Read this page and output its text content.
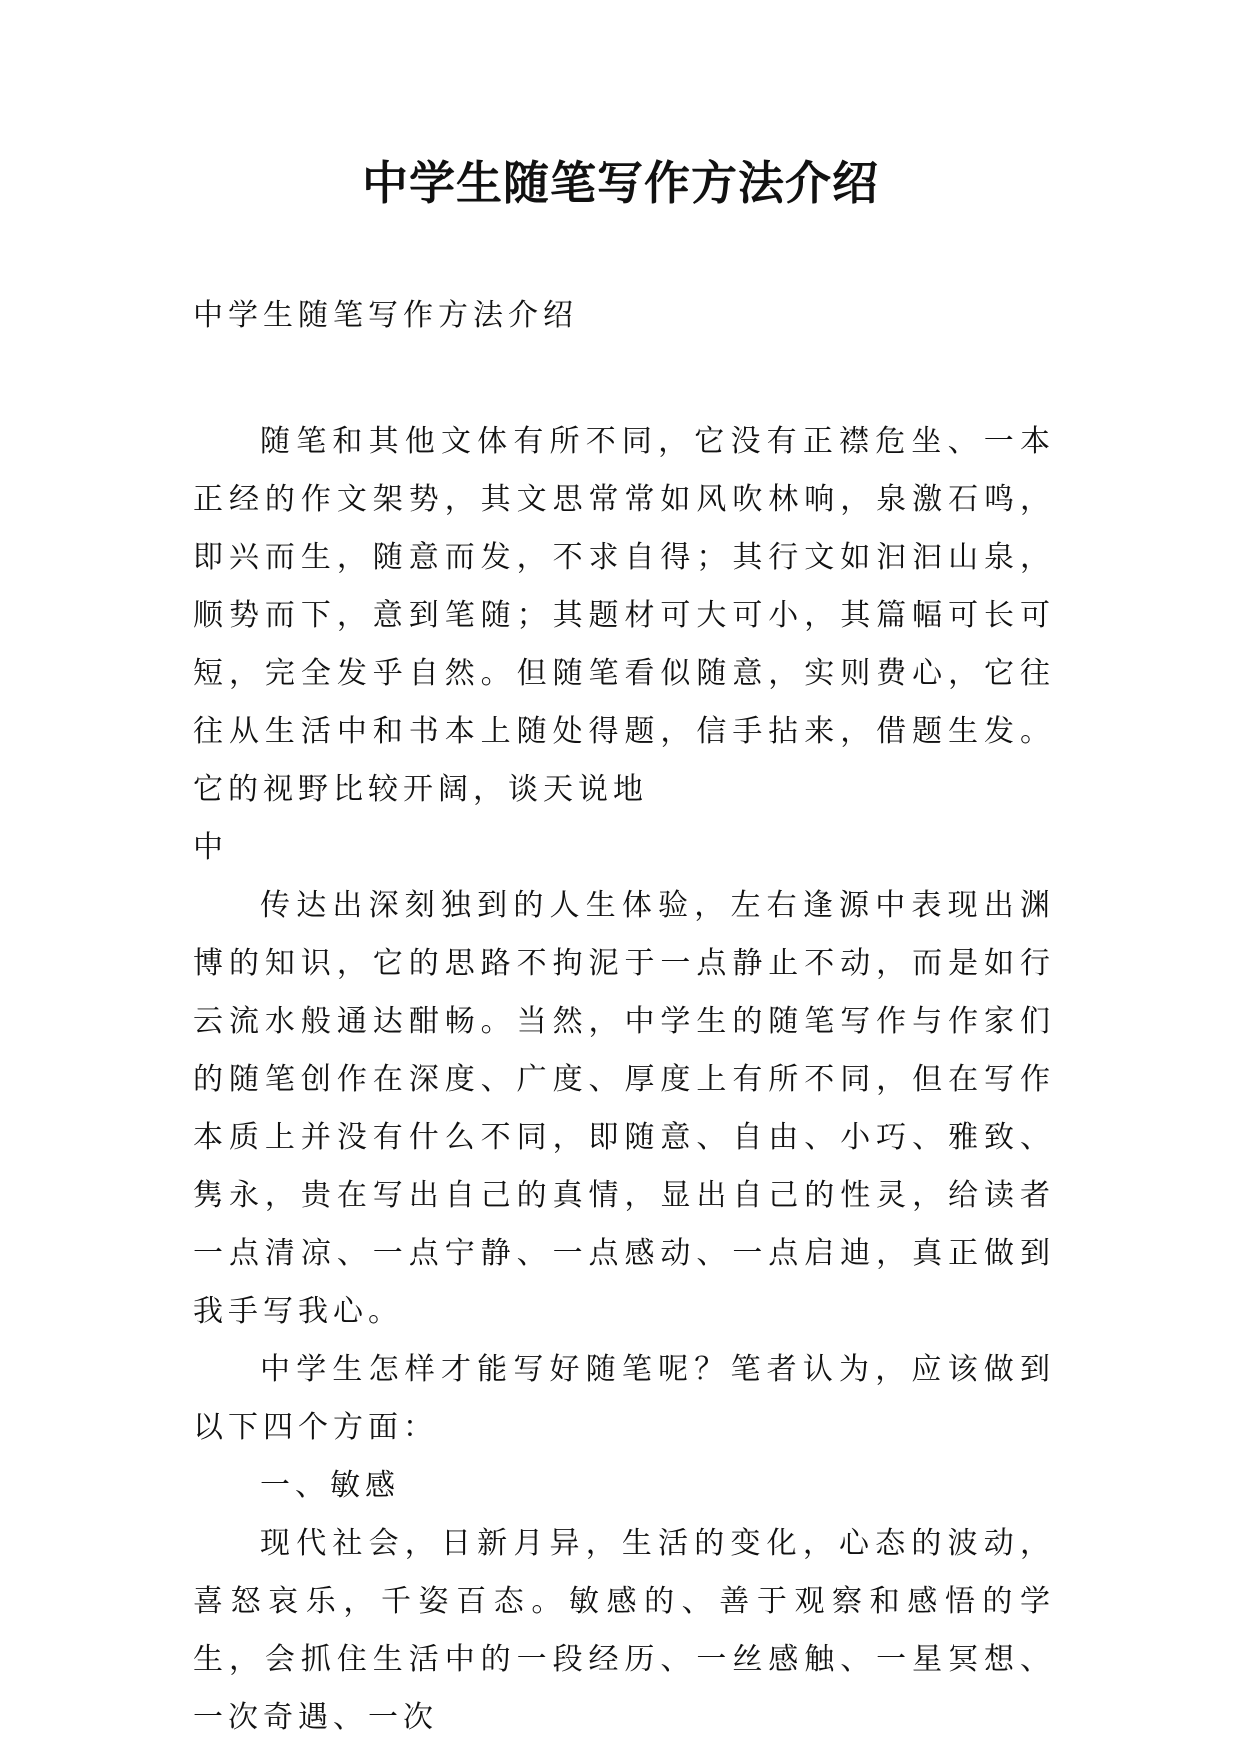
中学生随笔写作方法介绍

中学生随笔写作方法介绍

随笔和其他文体有所不同，它没有正襟危坐、一本正经的作文架势，其文思常常如风吹林响，泉激石鸣，即兴而生，随意而发，不求自得；其行文如汩汩山泉，顺势而下，意到笔随；其题材可大可小，其篇幅可长可短，完全发乎自然。但随笔看似随意，实则费心，它往往从生活中和书本上随处得题，信手拈来，借题生发。它的视野比较开阔，谈天说地

中

传达出深刻独到的人生体验，左右逢源中表现出渊博的知识，它的思路不拘泥于一点静止不动，而是如行云流水般通达酣畅。当然，中学生的随笔写作与作家们的随笔创作在深度、广度、厚度上有所不同，但在写作本质上并没有什么不同，即随意、自由、小巧、雅致、隽永，贵在写出自己的真情，显出自己的性灵，给读者一点清凉、一点宁静、一点感动、一点启迪，真正做到我手写我心。

中学生怎样才能写好随笔呢？笔者认为，应该做到以下四个方面：

一、敏感

现代社会，日新月异，生活的变化，心态的波动，喜怒哀乐，千姿百态。敏感的、善于观察和感悟的学生，会抓住生活中的一段经历、一丝感触、一星冥想、一次奇遇、一次
